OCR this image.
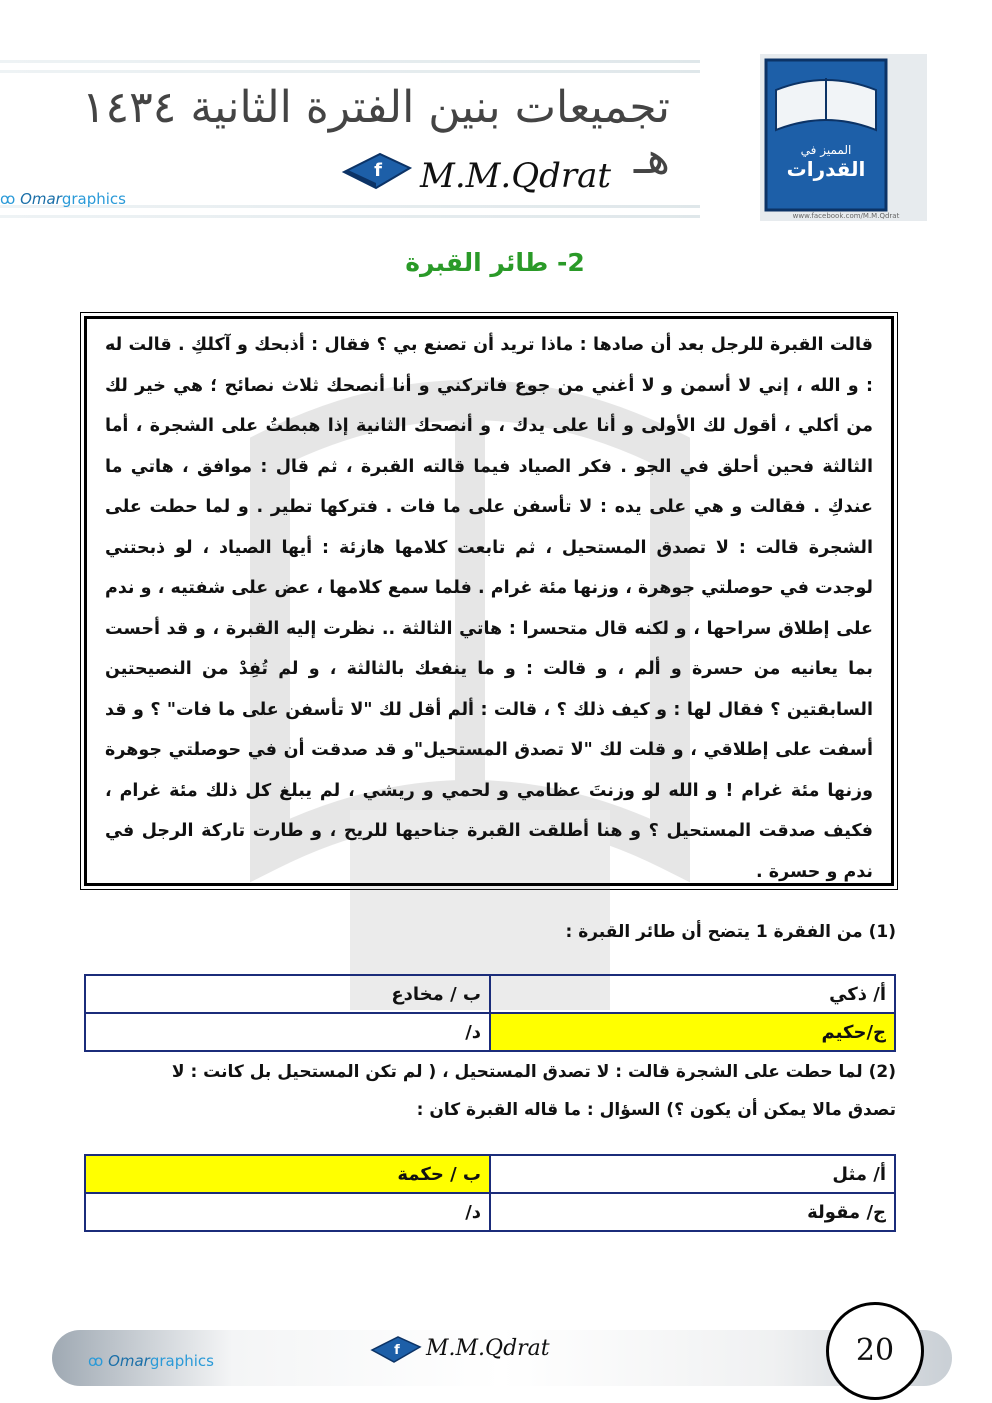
تجميعات بنين الفترة الثانية ١٤٣٤ هـ
f M.M.Qdrat
ꝏ Omargraphics
القدرات
المميز في
www.facebook.com/M.M.Qdrat
2- طائر القبرة
قالت القبرة للرجل بعد أن صادها : ماذا تريد أن تصنع بي ؟ فقال : أذبحك و آكلكِ . قالت له : و الله ، إني لا أسمن و لا أغني من جوع فاتركني و أنا أنصحك ثلاث نصائح ؛ هي خير لك من أكلي ، أقول لك الأولى و أنا على يدك ، و أنصحك الثانية إذا هبطتُ على الشجرة ، أما الثالثة فحين أحلق في الجو . فكر الصياد فيما قالته القبرة ، ثم قال : موافق ، هاتي ما عندكِ . فقالت و هي على يده : لا تأسفن على ما فات . فتركها تطير . و لما حطت على الشجرة قالت : لا تصدق المستحيل ، ثم تابعت كلامها هازئة : أيها الصياد ، لو ذبحتني لوجدت في حوصلتي جوهرة ، وزنها مئة غرام . فلما سمع كلامها ، عض على شفتيه ، و ندم على إطلاق سراحها ، و لكنه قال متحسرا : هاتي الثالثة .. نظرت إليه القبرة ، و قد أحست بما يعانيه من حسرة و ألم ، و قالت : و ما ينفعك بالثالثة ، و لم تُفِدْ من النصيحتين السابقتين ؟ فقال لها : و كيف ذلك ؟ ، قالت : ألم أقل لك "لا تأسفن على ما فات" ؟ و قد أسفت على إطلاقي ، و قلت لك "لا تصدق المستحيل"و قد صدقت أن في حوصلتي جوهرة وزنها مئة غرام ! و الله لو وزنتَ عظامي و لحمي و ريشي ، لم يبلغ كل ذلك مئة غرام ، فكيف صدقت المستحيل ؟ و هنا أطلقت القبرة جناحيها للريح ، و طارت تاركة الرجل في ندم و حسرة .
(1) من الفقرة 1 يتضح أن طائر القبرة :
أ/ ذكي	ب / مخادع
ج/حكيم	د/
(2) لما حطت على الشجرة قالت : لا تصدق المستحيل ، ( لم تكن المستحيل بل كانت : لا
تصدق مالا يمكن أن يكون ؟) السؤال : ما قاله القبرة كان :
أ/ مثل	ب / حكمة
ج/ مقولة	د/
f M.M.Qdrat
ꝏ Omargraphics	20
